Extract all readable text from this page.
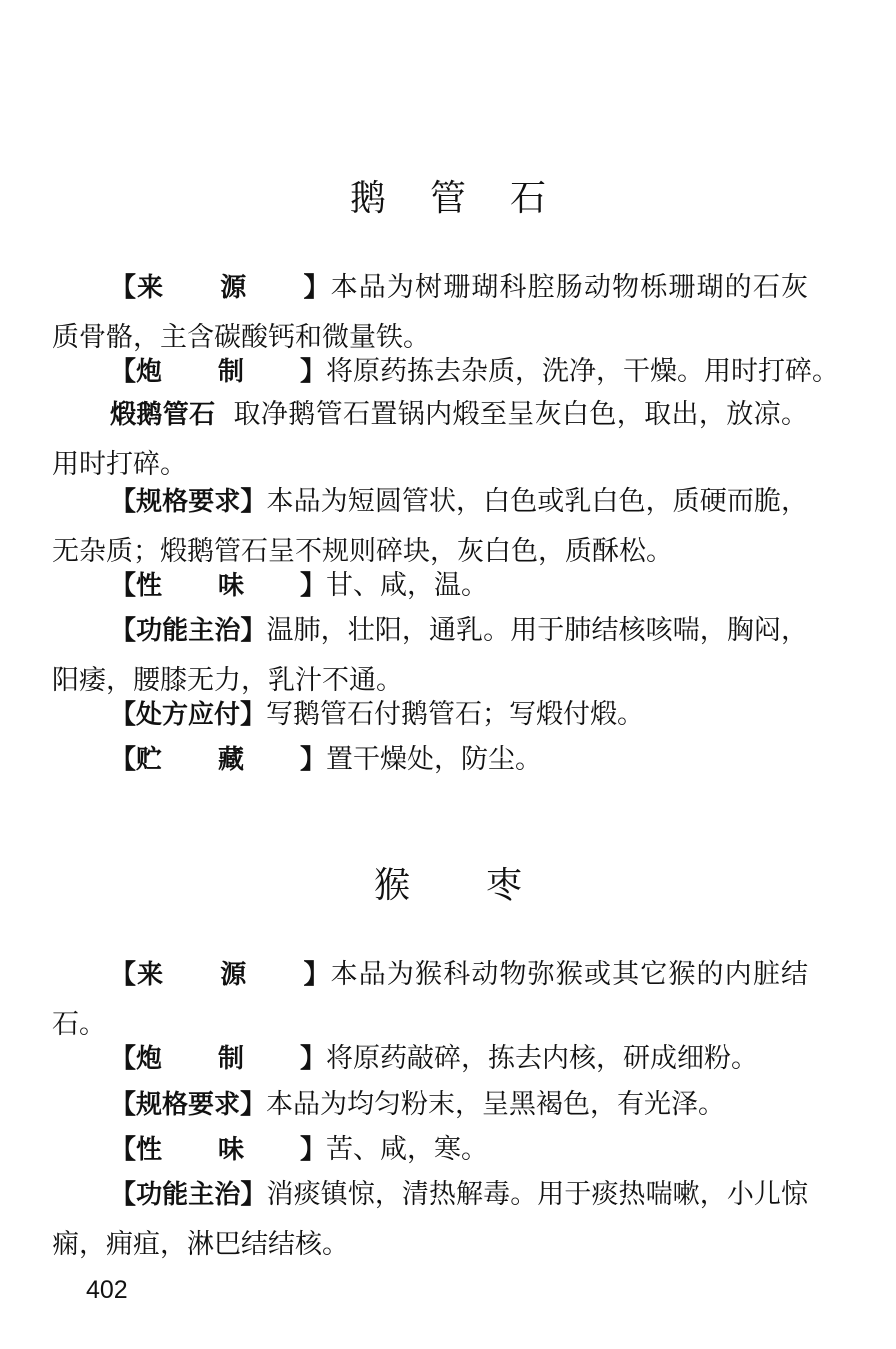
鹅管石

【来源】本品为树珊瑚科腔肠动物栎珊瑚的石灰质骨骼，主含碳酸钙和微量铁。

【炮制】将原药拣去杂质，洗净，干燥。用时打碎。

煅鹅管石 取净鹅管石置锅内煅至呈灰白色，取出，放凉。用时打碎。

【规格要求】本品为短圆管状，白色或乳白色，质硬而脆，无杂质；煅鹅管石呈不规则碎块，灰白色，质酥松。

【性味】甘、咸，温。

【功能主治】温肺，壮阳，通乳。用于肺结核咳喘，胸闷，阳痿，腰膝无力，乳汁不通。

【处方应付】写鹅管石付鹅管石；写煅付煅。

【贮藏】置干燥处，防尘。

猴枣

【来源】本品为猴科动物弥猴或其它猴的内脏结石。

【炮制】将原药敲碎，拣去内核，研成细粉。

【规格要求】本品为均匀粉末，呈黑褐色，有光泽。

【性味】苦、咸，寒。

【功能主治】消痰镇惊，清热解毒。用于痰热喘嗽，小儿惊痫，痈疽，淋巴结结核。

402
